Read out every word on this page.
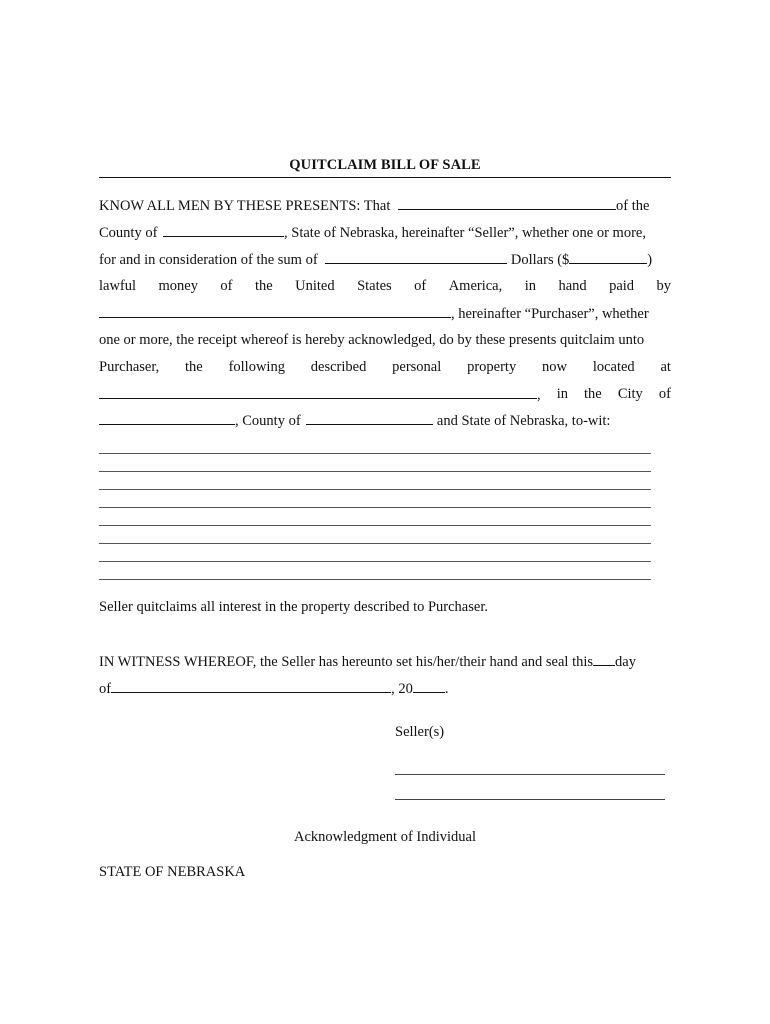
QUITCLAIM BILL OF SALE
KNOW ALL MEN BY THESE PRESENTS: That	of the
County of	, State of Nebraska, hereinafter “Seller”, whether one or more,
for and in consideration of the sum of	Dollars ($	)
lawful money of the United States of America, in hand paid by
, hereinafter “Purchaser”, whether
one or more, the receipt whereof is hereby acknowledged, do by these presents quitclaim unto
Purchaser, the following described personal property now located at
, in the City of
, County of	and State of Nebraska, to-wit:
Seller quitclaims all interest in the property described to Purchaser.
IN WITNESS WHEREOF, the Seller has hereunto set his/her/their hand and seal this day
of	, 20 .
Seller(s)
Acknowledgment of Individual
STATE OF NEBRASKA
